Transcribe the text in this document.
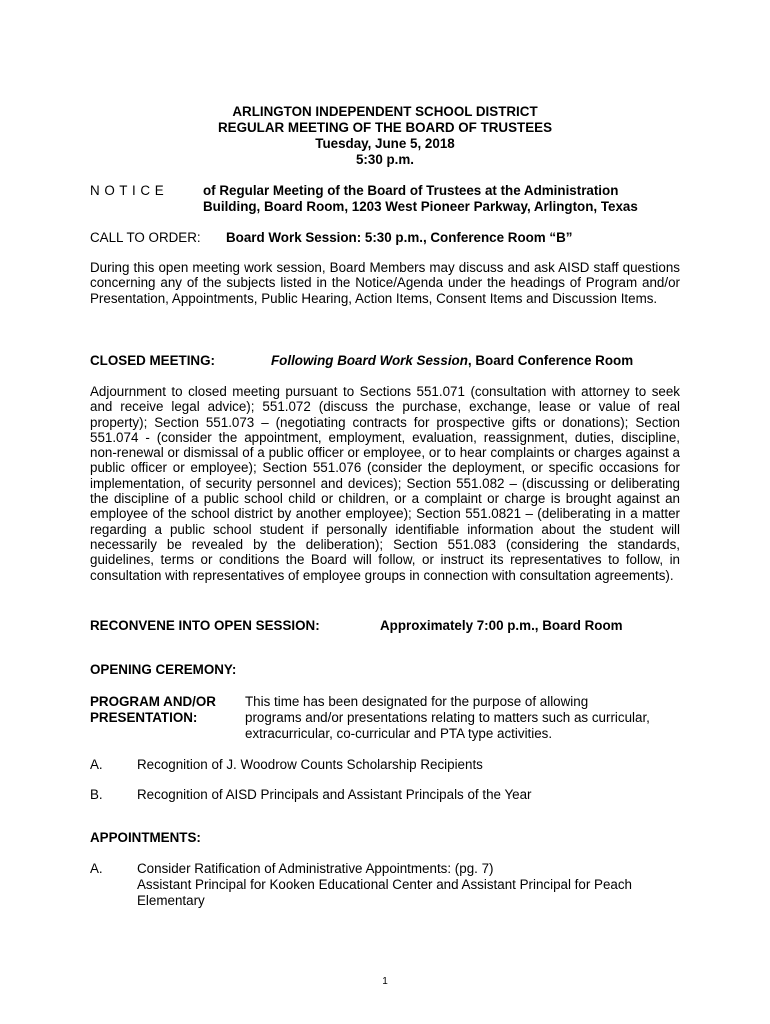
ARLINGTON INDEPENDENT SCHOOL DISTRICT
REGULAR MEETING OF THE BOARD OF TRUSTEES
Tuesday, June 5, 2018
5:30 p.m.
N O T I C E	of Regular Meeting of the Board of Trustees at the Administration
Building, Board Room, 1203 West Pioneer Parkway, Arlington, Texas
CALL TO ORDER: Board Work Session: 5:30 p.m., Conference Room “B”
During this open meeting work session, Board Members may discuss and ask AISD staff questions concerning any of the subjects listed in the Notice/Agenda under the headings of Program and/or Presentation, Appointments, Public Hearing, Action Items, Consent Items and Discussion Items.
CLOSED MEETING:	Following Board Work Session, Board Conference Room
Adjournment to closed meeting pursuant to Sections 551.071 (consultation with attorney to seek and receive legal advice); 551.072 (discuss the purchase, exchange, lease or value of real property); Section 551.073 – (negotiating contracts for prospective gifts or donations); Section 551.074 - (consider the appointment, employment, evaluation, reassignment, duties, discipline, non-renewal or dismissal of a public officer or employee, or to hear complaints or charges against a public officer or employee); Section 551.076 (consider the deployment, or specific occasions for implementation, of security personnel and devices); Section 551.082 – (discussing or deliberating the discipline of a public school child or children, or a complaint or charge is brought against an employee of the school district by another employee); Section 551.0821 – (deliberating in a matter regarding a public school student if personally identifiable information about the student will necessarily be revealed by the deliberation); Section 551.083 (considering the standards, guidelines, terms or conditions the Board will follow, or instruct its representatives to follow, in consultation with representatives of employee groups in connection with consultation agreements).
RECONVENE INTO OPEN SESSION:	Approximately 7:00 p.m., Board Room
OPENING CEREMONY:
PROGRAM AND/OR
PRESENTATION:
This time has been designated for the purpose of allowing
programs and/or presentations relating to matters such as curricular,
extracurricular, co-curricular and PTA type activities.
A.	Recognition of J. Woodrow Counts Scholarship Recipients
B.	Recognition of AISD Principals and Assistant Principals of the Year
APPOINTMENTS:
A.	Consider Ratification of Administrative Appointments: (pg. 7)
Assistant Principal for Kooken Educational Center and Assistant Principal for Peach
Elementary
1
